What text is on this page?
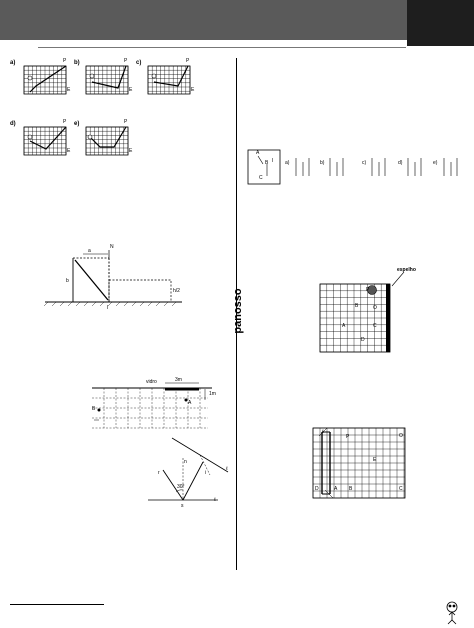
a)	P
E
b)	P
E
c)	P
E
d)	P
E
e)	P
E
a
N
b
h/2
I	panosso
vidro	3m
1m
A
B
n
r	i
s
30°
ℓ
ℓ
A
B
C
I a)	b)	c)	d)	e)
espelho
P
B	O
A	C
D
ℓ
P	O
E
D	A B	C
